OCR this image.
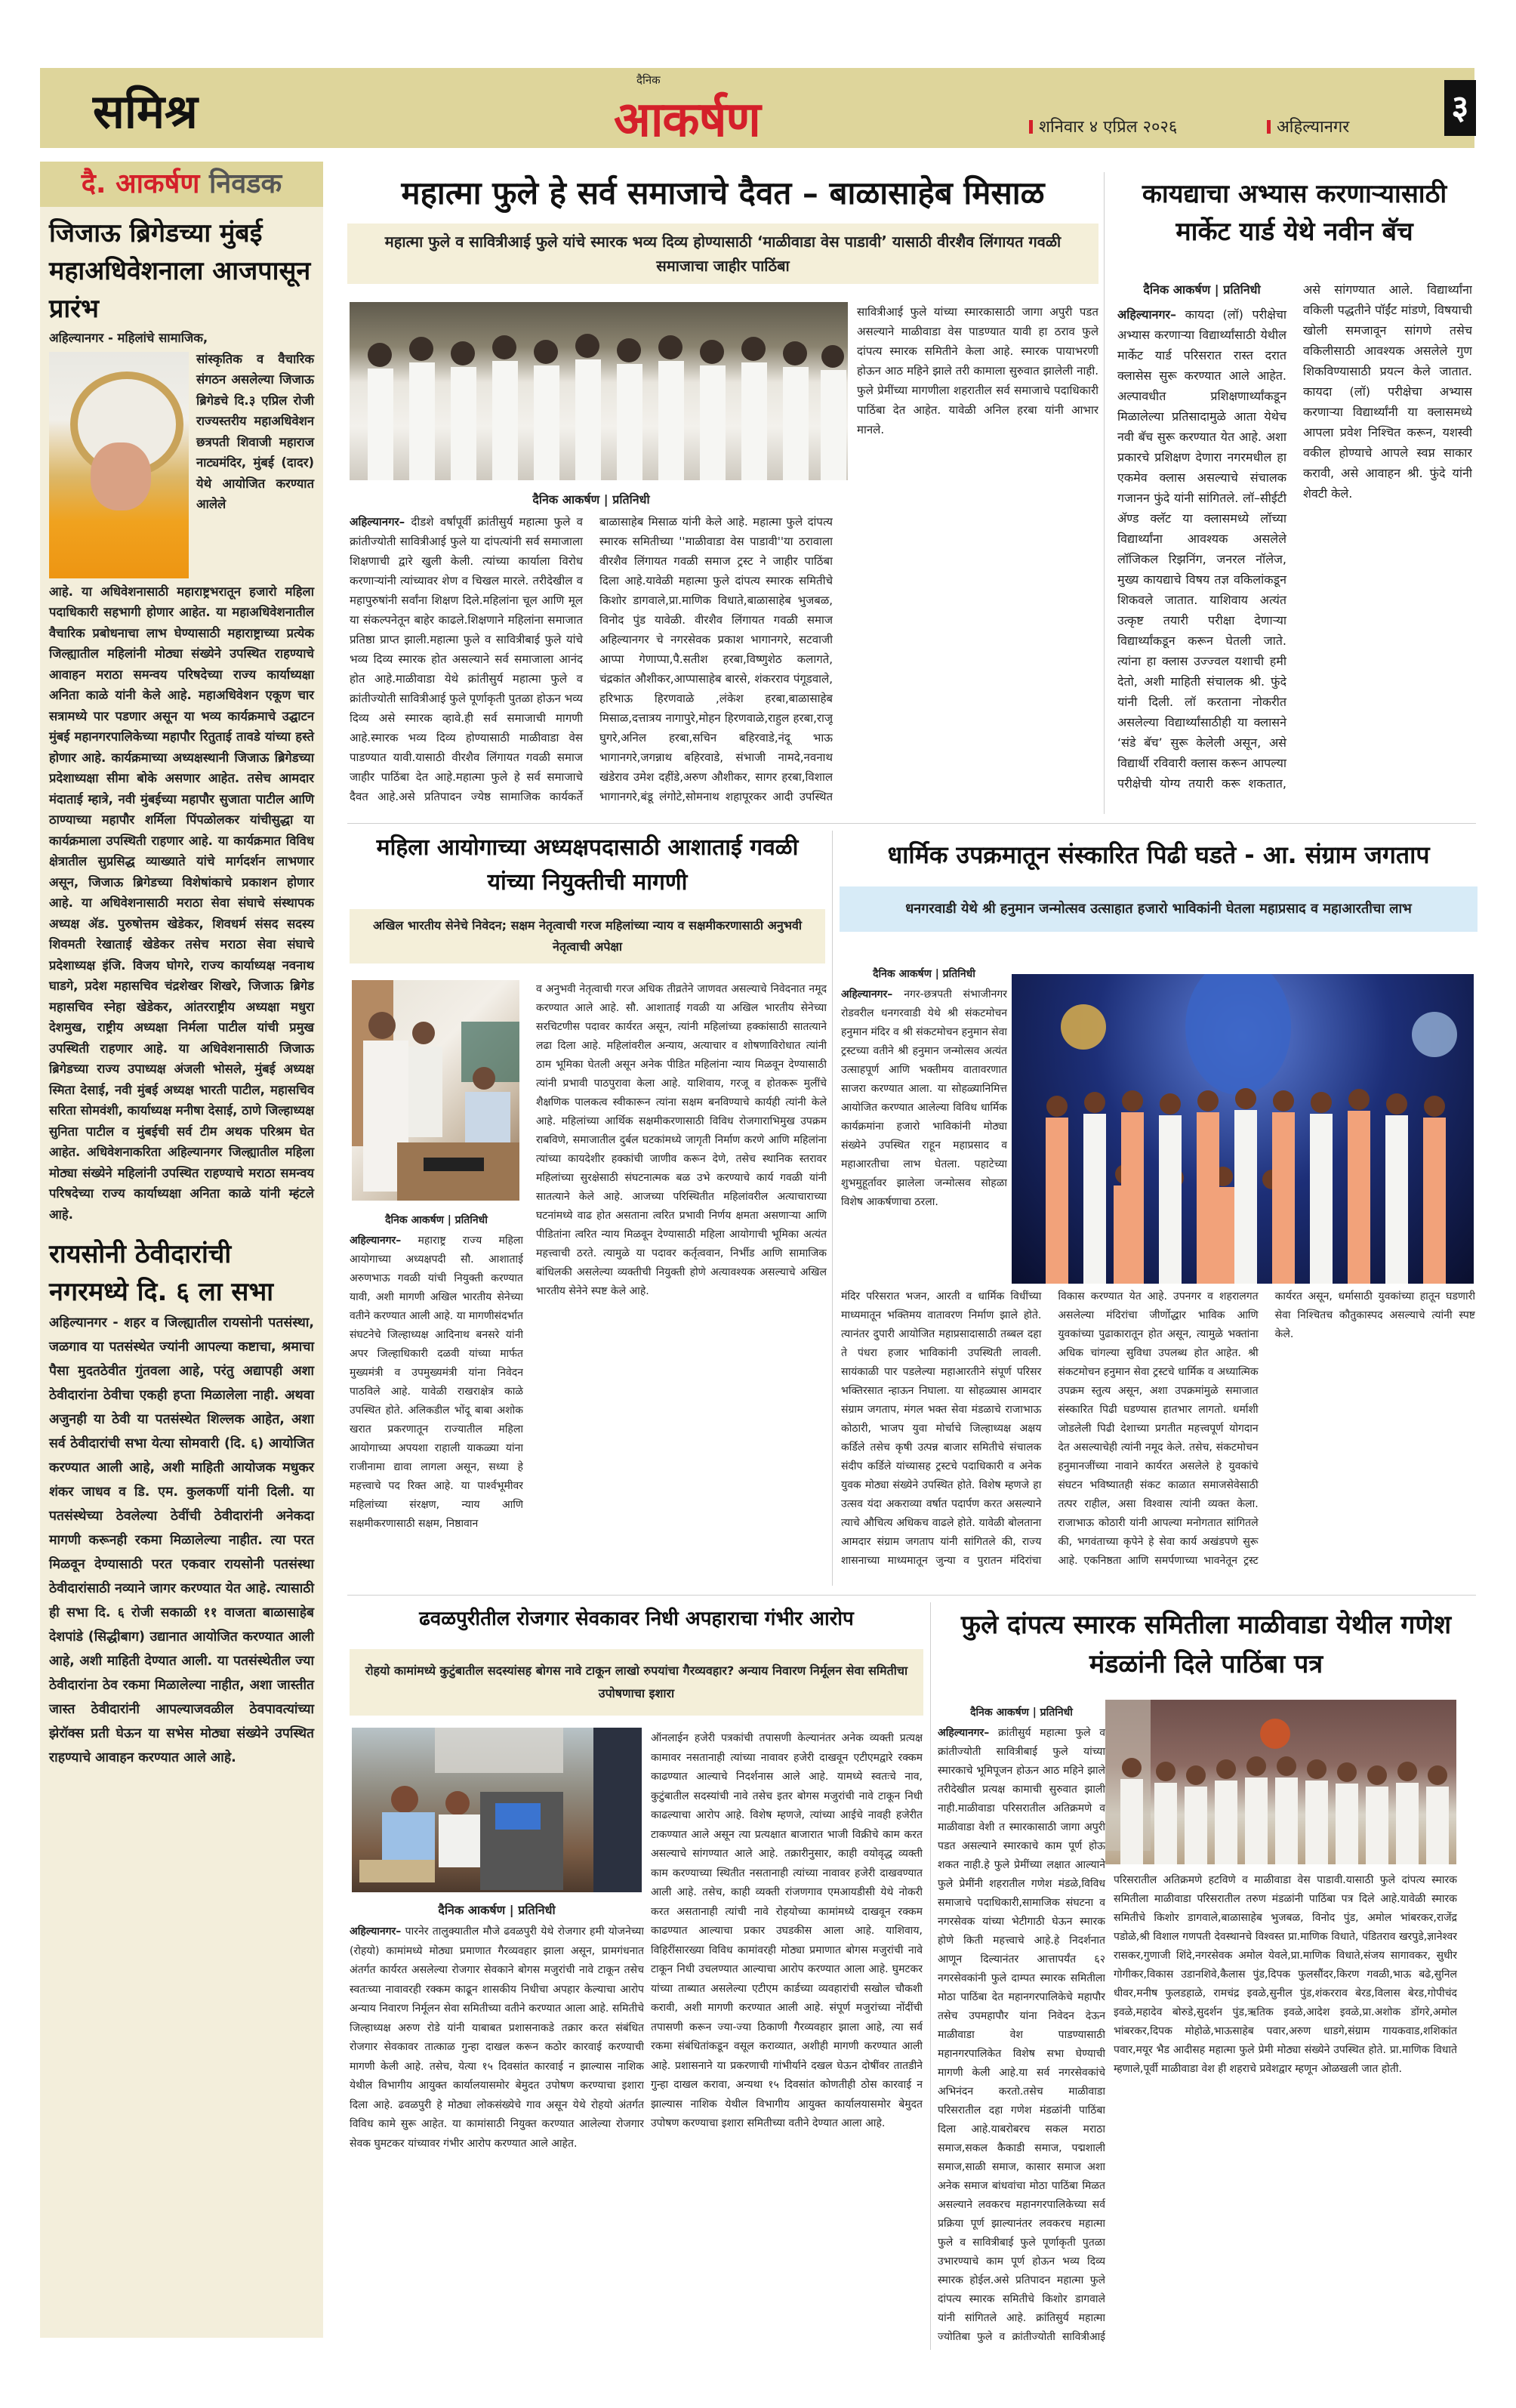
समिश्र
दैनिक
आकर्षण	शनिवार ४ एप्रिल २०२६	अहिल्यानगर
३
दै. आकर्षण निवडक
जिजाऊ ब्रिगेडच्या मुंबई महाअधिवेशनाला आजपासून प्रारंभ
अहिल्यानगर - महिलांचे सामाजिक,
सांस्कृतिक व वैचारिक संगठन असलेल्या जिजाऊ ब्रिगेडचे दि.३ एप्रिल रोजी राज्यस्तरीय महाअधिवेशन छत्रपती शिवाजी महाराज नाट्यमंदिर, मुंबई (दादर) येथे आयोजित करण्यात आलेले
आहे. या अधिवेशनासाठी महाराष्ट्रभरातून हजारो महिला पदाधिकारी सहभागी होणार आहेत. या महाअधिवेशनातील वैचारिक प्रबोधनाचा लाभ घेण्यासाठी महाराष्ट्राच्या प्रत्येक जिल्ह्यातील महिलांनी मोठ्या संख्येने उपस्थित राहण्याचे आवाहन मराठा समन्वय परिषदेच्या राज्य कार्याध्यक्षा अनिता काळे यांनी केले आहे. महाअधिवेशन एकूण चार सत्रामध्ये पार पडणार असून या भव्य कार्यक्रमाचे उद्घाटन मुंबई महानगरपालिकेच्या महापौर रितुताई तावडे यांच्या हस्ते होणार आहे. कार्यक्रमाच्या अध्यक्षस्थानी जिजाऊ ब्रिगेडच्या प्रदेशाध्यक्षा सीमा बोके असणार आहेत. तसेच आमदार मंदाताई म्हात्रे, नवी मुंबईच्या महापौर सुजाता पाटील आणि ठाण्याच्या महापौर शर्मिला पिंपळोलकर यांचीसुद्धा या कार्यक्रमाला उपस्थिती राहणार आहे. या कार्यक्रमात विविध क्षेत्रातील सुप्रसिद्ध व्याख्याते यांचे मार्गदर्शन लाभणार असून, जिजाऊ ब्रिगेडच्या विशेषांकाचे प्रकाशन होणार आहे. या अधिवेशनासाठी मराठा सेवा संघाचे संस्थापक अध्यक्ष ॲड. पुरुषोत्तम खेडेकर, शिवधर्म संसद सदस्य शिवमती रेखाताई खेडेकर तसेच मराठा सेवा संघाचे प्रदेशाध्यक्ष इंजि. विजय घोगरे, राज्य कार्याध्यक्ष नवनाथ घाडगे, प्रदेश महासचिव चंद्रशेखर शिखरे, जिजाऊ ब्रिगेड महासचिव स्नेहा खेडेकर, आंतरराष्ट्रीय अध्यक्षा मधुरा देशमुख, राष्ट्रीय अध्यक्षा निर्मला पाटील यांची प्रमुख उपस्थिती राहणार आहे. या अधिवेशनासाठी जिजाऊ ब्रिगेडच्या राज्य उपाध्यक्ष अंजली भोसले, मुंबई अध्यक्ष स्मिता देसाई, नवी मुंबई अध्यक्ष भारती पाटील, महासचिव सरिता सोमवंशी, कार्याध्यक्ष मनीषा देसाई, ठाणे जिल्हाध्यक्ष सुनिता पाटील व मुंबईची सर्व टीम अथक परिश्रम घेत आहेत. अधिवेशनाकरिता अहिल्यानगर जिल्ह्यातील महिला मोठ्या संख्येने महिलांनी उपस्थित राहण्याचे मराठा समन्वय परिषदेच्या राज्य कार्याध्यक्षा अनिता काळे यांनी म्हंटले आहे.
रायसोनी ठेवीदारांची नगरमध्ये दि. ६ ला सभा
अहिल्यानगर - शहर व जिल्ह्यातील रायसोनी पतसंस्था, जळगाव या पतसंस्थेत ज्यांनी आपल्या कष्टाचा, श्रमाचा पैसा मुदतठेवीत गुंतवला आहे, परंतु अद्यापही अशा ठेवीदारांना ठेवीचा एकही हप्ता मिळालेला नाही. अथवा अजुनही या ठेवी या पतसंस्थेत शिल्लक आहेत, अशा सर्व ठेवीदारांची सभा येत्या सोमवारी (दि. ६) आयोजित करण्यात आली आहे, अशी माहिती आयोजक मधुकर शंकर जाधव व डि. एम. कुलकर्णी यांनी दिली. या पतसंस्थेच्या ठेवलेल्या ठेवींची ठेवीदारांनी अनेकदा मागणी करूनही रकमा मिळालेल्या नाहीत. त्या परत मिळवून देण्यासाठी परत एकवार रायसोनी पतसंस्था ठेवीदारांसाठी नव्याने जागर करण्यात येत आहे. त्यासाठी ही सभा दि. ६ रोजी सकाळी ११ वाजता बाळासाहेब देशपांडे (सिद्धीबाग) उद्यानात आयोजित करण्यात आली आहे, अशी माहिती देण्यात आली. या पतसंस्थेतील ज्या ठेवीदारांना ठेव रकमा मिळालेल्या नाहीत, अशा जास्तीत जास्त ठेवीदारांनी आपल्याजवळील ठेवपावत्यांच्या झेरॉक्स प्रती घेऊन या सभेस मोठ्या संख्येने उपस्थित राहण्याचे आवाहन करण्यात आले आहे.
महात्मा फुले हे सर्व समाजाचे दैवत – बाळासाहेब मिसाळ
महात्मा फुले व सावित्रीआई फुले यांचे स्मारक भव्य दिव्य होण्यासाठी ‘माळीवाडा वेस पाडावी’ यासाठी वीरशैव लिंगायत गवळी समाजाचा जाहीर पाठिंबा
दैनिक आकर्षण | प्रतिनिधी
अहिल्यानगर– दीडशे वर्षांपूर्वी क्रांतीसुर्य महात्मा फुले व क्रांतीज्योती सावित्रीआई फुले या दांपत्यांनी सर्व समाजाला शिक्षणाची द्वारे खुली केली. त्यांच्या कार्याला विरोध करणाऱ्यांनी त्यांच्यावर शेण व चिखल मारले. तरीदेखील व महापुरुषांनी सर्वांना शिक्षण दिले.महिलांना चूल आणि मूल या संकल्पनेतून बाहेर काढले.शिक्षणाने महिलांना समाजात प्रतिष्ठा प्राप्त झाली.महात्मा फुले व सावित्रीबाई फुले यांचे भव्य दिव्य स्मारक होत असल्याने सर्व समाजाला आनंद होत आहे.माळीवाडा येथे क्रांतीसुर्य महात्मा फुले व क्रांतीज्योती सावित्रीआई फुले पूर्णाकृती पुतळा होऊन भव्य दिव्य असे स्मारक व्हावे.ही सर्व समाजाची मागणी आहे.स्मारक भव्य दिव्य होण्यासाठी माळीवाडा वेस पाडण्यात यावी.यासाठी वीरशैव लिंगायत गवळी समाज जाहीर पाठिंबा देत आहे.महात्मा फुले हे सर्व समाजाचे दैवत आहे.असे प्रतिपादन ज्येष्ठ सामाजिक कार्यकर्ते बाळासाहेब मिसाळ यांनी केले आहे. महात्मा फुले दांपत्य स्मारक समितीच्या ''माळीवाडा वेस पाडावी''या ठरावाला वीरशैव लिंगायत गवळी समाज ट्रस्ट ने जाहीर पाठिंबा दिला आहे.यावेळी महात्मा फुले दांपत्य स्मारक समितीचे किशोर डागवाले,प्रा.माणिक विधाते,बाळासाहेब भुजबळ, विनोद पुंड यावेळी. वीरशैव लिंगायत गवळी समाज अहिल्यानगर चे नगरसेवक प्रकाश भागानगरे, सटवाजी आप्पा गेणाप्पा,पै.सतीश हरबा,विष्णुशेठ कलागते, चंद्रकांत औशीकर,आप्पासाहेब बारसे, शंकरराव पंगूडवाले, हरिभाऊ हिरणवाळे ,लंकेश हरबा,बाळासाहेब मिसाळ,दत्तात्रय नागापुरे,मोहन हिरणवाळे,राहुल हरबा,राजू घुगरे,अनिल हरबा,सचिन बहिरवाडे,नंदू भाऊ भागानगरे,जगन्नाथ बहिरवाडे, संभाजी नामदे,नवनाथ खंडेराव उमेश दहींडे,अरुण औशीकर, सागर हरबा,विशाल भागानगरे,बंडू लंगोटे,सोमनाथ शहापूरकर आदी उपस्थित
सावित्रीआई फुले यांच्या स्मारकासाठी जागा अपुरी पडत असल्याने माळीवाडा वेस पाडण्यात यावी हा ठराव फुले दांपत्य स्मारक समितीने केला आहे. स्मारक पायाभरणी होऊन आठ महिने झाले तरी कामाला सुरुवात झालेली नाही. फुले प्रेमींच्या मागणीला शहरातील सर्व समाजाचे पदाधिकारी पाठिंबा देत आहेत. यावेळी अनिल हरबा यांनी आभार मानले.
कायद्याचा अभ्यास करणाऱ्यासाठी मार्केट यार्ड येथे नवीन बॅच
दैनिक आकर्षण | प्रतिनिधी
अहिल्यानगर– कायदा (लॉ) परीक्षेचा अभ्यास करणाऱ्या विद्यार्थ्यांसाठी येथील मार्केट यार्ड परिसरात रास्त दरात क्लासेस सुरू करण्यात आले आहेत. अल्पावधीत प्रशिक्षणार्थ्यांकडून मिळालेल्या प्रतिसादामुळे आता येथेच नवी बॅच सुरू करण्यात येत आहे. अशा प्रकारचे प्रशिक्षण देणारा नगरमधील हा एकमेव क्लास असल्याचे संचालक गजानन फुंदे यांनी सांगितले. लॉ–सीईटी ॲण्ड क्लॅट या क्लासमध्ये लॉच्या विद्यार्थ्यांना आवश्यक असलेले लॉजिकल रिझनिंग, जनरल नॉलेज, मुख्य कायद्याचे विषय तज्ञ वकिलांकडून शिकवले जातात. याशिवाय अत्यंत उत्कृष्ट तयारी परीक्षा देणार्‍या विद्यार्थ्यांकडून करून घेतली जाते. त्यांना हा क्लास उज्ज्वल यशाची हमी देतो, अशी माहिती संचालक श्री. फुंदे यांनी दिली. लॉ करताना नोकरीत असलेल्या विद्यार्थ्यांसाठीही या क्लासने ‘संडे बॅच’ सुरू केलेली असून, असे विद्यार्थी रविवारी क्लास करून आपल्या परीक्षेची योग्य तयारी करू शकतात, असे सांगण्यात आले. विद्यार्थ्यांना वकिली पद्धतीने पॉईंट मांडणे, विषयाची खोली समजावून सांगणे तसेच वकिलीसाठी आवश्यक असलेले गुण शिकविण्यासाठी प्रयत्न केले जातात. कायदा (लॉ) परीक्षेचा अभ्यास करणाऱ्या विद्यार्थ्यांनी या क्लासमध्ये आपला प्रवेश निश्चित करून, यशस्वी वकील होण्याचे आपले स्वप्न साकार करावी, असे आवाहन श्री. फुंदे यांनी शेवटी केले.
महिला आयोगाच्या अध्यक्षपदासाठी आशाताई गवळी यांच्या नियुक्तीची मागणी
अखिल भारतीय सेनेचे निवेदन; सक्षम नेतृत्वाची गरज महिलांच्या न्याय व सक्षमीकरणासाठी अनुभवी नेतृत्वाची अपेक्षा
दैनिक आकर्षण | प्रतिनिधी
अहिल्यानगर– महाराष्ट्र राज्य महिला आयोगाच्या अध्यक्षपदी सौ. आशाताई अरुणभाऊ गवळी यांची नियुक्ती करण्यात यावी, अशी मागणी अखिल भारतीय सेनेच्या वतीने करण्यात आली आहे. या मागणीसंदर्भात संघटनेचे जिल्हाध्यक्ष आदिनाथ बनसरे यांनी अपर जिल्हाधिकारी दळवी यांच्या मार्फत मुख्यमंत्री व उपमुख्यमंत्री यांना निवेदन पाठविले आहे. यावेळी राखराक्षेत्र काळे उपस्थित होते. अलिकडील भोंदू बाबा अशोक खरात प्रकरणातून राज्यातील महिला आयोगाच्या अपयशा राहाली याकळ्या यांना राजीनामा द्यावा लागला असून, सध्या हे महत्त्वाचे पद रिक्त आहे. या पार्श्वभूमीवर महिलांच्या संरक्षण, न्याय आणि सक्षमीकरणासाठी सक्षम, निष्ठावान
व अनुभवी नेतृत्वाची गरज अधिक तीव्रतेने जाणवत असल्याचे निवेदनात नमूद करण्यात आले आहे. सौ. आशाताई गवळी या अखिल भारतीय सेनेच्या सरचिटणीस पदावर कार्यरत असून, त्यांनी महिलांच्या हक्कांसाठी सातत्याने लढा दिला आहे. महिलांवरील अन्याय, अत्याचार व शोषणाविरोधात त्यांनी ठाम भूमिका घेतली असून अनेक पीडित महिलांना न्याय मिळवून देण्यासाठी त्यांनी प्रभावी पाठपुरावा केला आहे. याशिवाय, गरजू व होतकरू मुलींचे शैक्षणिक पालकत्व स्वीकारून त्यांना सक्षम बनविण्याचे कार्यही त्यांनी केले आहे. महिलांच्या आर्थिक सक्षमीकरणासाठी विविध रोजगाराभिमुख उपक्रम राबविणे, समाजातील दुर्बल घटकांमध्ये जागृती निर्माण करणे आणि महिलांना त्यांच्या कायदेशीर हक्कांची जाणीव करून देणे, तसेच स्थानिक स्तरावर महिलांच्या सुरक्षेसाठी संघटनात्मक बळ उभे करण्याचे कार्य गवळी यांनी सातत्याने केले आहे. आजच्या परिस्थितीत महिलांवरील अत्याचाराच्या घटनांमध्ये वाढ होत असताना त्वरित प्रभावी निर्णय क्षमता असणाऱ्या आणि पीडितांना त्वरित न्याय मिळवून देण्यासाठी महिला आयोगाची भूमिका अत्यंत महत्त्वाची ठरते. त्यामुळे या पदावर कर्तृत्ववान, निर्भीड आणि सामाजिक बांधिलकी असलेल्या व्यक्तीची नियुक्ती होणे अत्यावश्यक असल्याचे अखिल भारतीय सेनेने स्पष्ट केले आहे.
धार्मिक उपक्रमातून संस्कारित पिढी घडते - आ. संग्राम जगताप
धनगरवाडी येथे श्री हनुमान जन्मोत्सव उत्साहात हजारो भाविकांनी घेतला महाप्रसाद व महाआरतीचा लाभ
दैनिक आकर्षण | प्रतिनिधी
अहिल्यानगर– नगर-छत्रपती संभाजीनगर रोडवरील धनगरवाडी येथे श्री संकटमोचन हनुमान मंदिर व श्री संकटमोचन हनुमान सेवा ट्रस्टच्या वतीने श्री हनुमान जन्मोत्सव अत्यंत उत्साहपूर्ण आणि भक्तीमय वातावरणात साजरा करण्यात आला. या सोहळ्यानिमित्त आयोजित करण्यात आलेल्या विविध धार्मिक कार्यक्रमांना हजारो भाविकांनी मोठ्या संख्येने उपस्थित राहून महाप्रसाद व महाआरतीचा लाभ घेतला. पहाटेच्या शुभमुहूर्तावर झालेला जन्मोत्सव सोहळा विशेष आकर्षणाचा ठरला.
मंदिर परिसरात भजन, आरती व धार्मिक विधींच्या माध्यमातून भक्तिमय वातावरण निर्माण झाले होते. त्यानंतर दुपारी आयोजित महाप्रसादासाठी तब्बल दहा ते पंधरा हजार भाविकांनी उपस्थिती लावली. सायंकाळी पार पडलेल्या महाआरतीने संपूर्ण परिसर भक्तिरसात न्हाऊन निघाला. या सोहळ्यास आमदार संग्राम जगताप, मंगल भक्त सेवा मंडळाचे राजाभाऊ कोठारी, भाजप युवा मोर्चाचे जिल्हाध्यक्ष अक्षय कर्डिले तसेच कृषी उत्पन्न बाजार समितीचे संचालक संदीप कर्डिले यांच्यासह ट्रस्टचे पदाधिकारी व अनेक युवक मोठ्या संख्येने उपस्थित होते. विशेष म्हणजे हा उत्सव यंदा अकराव्या वर्षात पदार्पण करत असल्याने त्याचे औचित्य अधिकच वाढले होते. यावेळी बोलताना आमदार संग्राम जगताप यांनी सांगितले की, राज्य शासनाच्या माध्यमातून जुन्या व पुरातन मंदिरांचा विकास करण्यात येत आहे. उपनगर व शहरालगत असलेल्या मंदिरांचा जीर्णोद्धार भाविक आणि युवकांच्या पुढाकारातून होत असून, त्यामुळे भक्तांना अधिक चांगल्या सुविधा उपलब्ध होत आहेत. श्री संकटमोचन हनुमान सेवा ट्रस्टचे धार्मिक व अध्यात्मिक उपक्रम स्तुत्य असून, अशा उपक्रमांमुळे समाजात संस्कारित पिढी घडण्यास हातभार लागतो. धर्माशी जोडलेली पिढी देशाच्या प्रगतीत महत्त्वपूर्ण योगदान देत असल्याचेही त्यांनी नमूद केले. तसेच, संकटमोचन हनुमानजींच्या नावाने कार्यरत असलेले हे युवकांचे संघटन भविष्यातही संकट काळात समाजसेवेसाठी तत्पर राहील, असा विश्वास त्यांनी व्यक्त केला. राजाभाऊ कोठारी यांनी आपल्या मनोगतात सांगितले की, भगवंताच्या कृपेने हे सेवा कार्य अखंडपणे सुरू आहे. एकनिष्ठता आणि समर्पणाच्या भावनेतून ट्रस्ट कार्यरत असून, धर्मासाठी युवकांच्या हातून घडणारी सेवा निश्चितच कौतुकास्पद असल्याचे त्यांनी स्पष्ट केले.
ढवळपुरीतील रोजगार सेवकावर निधी अपहाराचा गंभीर आरोप
रोहयो कामांमध्ये कुटुंबातील सदस्यांसह बोगस नावे टाकून लाखो रुपयांचा गैरव्यवहार? अन्याय निवारण निर्मूलन सेवा समितीचा उपोषणाचा इशारा
दैनिक आकर्षण | प्रतिनिधी
अहिल्यानगर– पारनेर तालुक्यातील मौजे ढवळपुरी येथे रोजगार हमी योजनेच्या (रोहयो) कामांमध्ये मोठ्या प्रमाणात गैरव्यवहार झाला असून, प्रामगंधनात अंतर्गत कार्यरत असलेल्या रोजगार सेवकाने बोगस मजुरांची नावे टाकून तसेच स्वतःच्या नावावरही रक्कम काढून शासकीय निधीचा अपहार केल्याचा आरोप अन्याय निवारण निर्मूलन सेवा समितीच्या वतीने करण्यात आला आहे. समितीचे जिल्हाध्यक्ष अरुण रोडे यांनी याबाबत प्रशासनाकडे तक्रार करत संबंधित रोजगार सेवकावर तात्काळ गुन्हा दाखल करून कठोर कारवाई करण्याची मागणी केली आहे. तसेच, येत्या १५ दिवसांत कारवाई न झाल्यास नाशिक येथील विभागीय आयुक्त कार्यालयासमोर बेमुदत उपोषण करण्याचा इशारा दिला आहे. ढवळपुरी हे मोठ्या लोकसंख्येचे गाव असून येथे रोहयो अंतर्गत विविध कामे सुरू आहेत. या कामांसाठी नियुक्त करण्यात आलेल्या रोजगार सेवक घुमटकर यांच्यावर गंभीर आरोप करण्यात आले आहेत.
ऑनलाईन हजेरी पत्रकांची तपासणी केल्यानंतर अनेक व्यक्ती प्रत्यक्ष कामावर नसतानाही त्यांच्या नावावर हजेरी दाखवून एटीएमद्वारे रक्कम काढण्यात आल्याचे निदर्शनास आले आहे. यामध्ये स्वतःचे नाव, कुटुंबातील सदस्यांची नावे तसेच इतर बोगस मजुरांची नावे टाकून निधी काढल्याचा आरोप आहे. विशेष म्हणजे, त्यांच्या आईचे नावही हजेरीत टाकण्यात आले असून त्या प्रत्यक्षात बाजारात भाजी विक्रीचे काम करत असल्याचे सांगण्यात आले आहे. तक्रारीनुसार, काही वयोवृद्ध व्यक्ती काम करण्याच्या स्थितीत नसतानाही त्यांच्या नावावर हजेरी दाखवण्यात आली आहे. तसेच, काही व्यक्ती रांजणगाव एमआयडीसी येथे नोकरी करत असतानाही त्यांची नावे रोहयोच्या कामांमध्ये दाखवून रक्कम काढण्यात आल्याचा प्रकार उघडकीस आला आहे. याशिवाय, विहिरींसारख्या विविध कामांवरही मोठ्या प्रमाणात बोगस मजुरांची नावे टाकून निधी उचलण्यात आल्याचा आरोप करण्यात आला आहे. घुमटकर यांच्या ताब्यात असलेल्या एटीएम कार्डच्या व्यवहारांची सखोल चौकशी करावी, अशी मागणी करण्यात आली आहे. संपूर्ण मजुरांच्या नोंदींची तपासणी करून ज्या-ज्या ठिकाणी गैरव्यवहार झाला आहे, त्या सर्व रकमा संबंधितांकडून वसूल कराव्यात, अशीही मागणी करण्यात आली आहे. प्रशासनाने या प्रकरणाची गांभीर्याने दखल घेऊन दोषींवर तातडीने गुन्हा दाखल करावा, अन्यथा १५ दिवसांत कोणतीही ठोस कारवाई न झाल्यास नाशिक येथील विभागीय आयुक्त कार्यालयासमोर बेमुदत उपोषण करण्याचा इशारा समितीच्या वतीने देण्यात आला आहे.
फुले दांपत्य स्मारक समितीला माळीवाडा येथील गणेश मंडळांनी दिले पाठिंबा पत्र
दैनिक आकर्षण | प्रतिनिधी
अहिल्यानगर– क्रांतीसुर्य महात्मा फुले व क्रांतीज्योती सावित्रीबाई फुले यांच्या स्मारकाचे भूमिपूजन होऊन आठ महिने झाले तरीदेखील प्रत्यक्ष कामाची सुरुवात झाली नाही.माळीवाडा परिसरातील अतिक्रमणे व माळीवाडा वेशी त स्मारकासाठी जागा अपुरी पडत असल्याने स्मारकाचे काम पूर्ण होऊ शकत नाही.हे फुले प्रेमींच्या लक्षात आल्याने फुले प्रेमींनी शहरातील गणेश मंडळे,विविध समाजाचे पदाधिकारी,सामाजिक संघटना व नगरसेवक यांच्या भेटीगाठी घेऊन स्मारक होणे किती महत्त्वाचे आहे.हे निदर्शनात आणून दिल्यानंतर आत्तापर्यंत ६२ नगरसेवकांनी फुले दाम्पत स्मारक समितीला मोठा पाठिंबा देत महानगरपालिकेचे महापौर तसेच उपमहापौर यांना निवेदन देऊन माळीवाडा वेश पाडण्यासाठी महानगरपालिकेत विशेष सभा घेण्याची मागणी केली आहे.या सर्व नगरसेवकांचे अभिनंदन करतो.तसेच माळीवाडा परिसरातील दहा गणेश मंडळांनी पाठिंबा दिला आहे.याबरोबरच सकल मराठा समाज,सकल कैकाडी समाज, पद्मशाली समाज,साळी समाज, कासार समाज अशा अनेक समाज बांधवांचा मोठा पाठिंबा मिळत असल्याने लवकरच महानगरपालिकेच्या सर्व प्रक्रिया पूर्ण झाल्यानंतर लवकरच महात्मा फुले व सावित्रीबाई फुले पूर्णाकृती पुतळा उभारण्याचे काम पूर्ण होऊन भव्य दिव्य स्मारक होईल.असे प्रतिपादन महात्मा फुले दांपत्य स्मारक समितीचे किशोर डागवाले यांनी सांगितले आहे. क्रांतिसुर्य महात्मा ज्योतिबा फुले व क्रांतीज्योती सावित्रीआई
परिसरातील अतिक्रमणे हटविणे व माळीवाडा वेस पाडावी.यासाठी फुले दांपत्य स्मारक समितीला माळीवाडा परिसरातील तरुण मंडळांनी पाठिंबा पत्र दिले आहे.यावेळी स्मारक समितीचे किशोर डागवाले,बाळासाहेब भुजबळ, विनोद पुंड, अमोल भांबरकर,राजेंद्र पडोळे,श्री विशाल गणपती देवस्थानचे विश्वस्त प्रा.माणिक विधाते, पंडितराव खरपुडे,ज्ञानेश्वर रासकर,गुणाजी शिंदे,नगरसेवक अमोल येवले,प्रा.माणिक विधाते,संजय सागावकर, सुधीर गोगीकर,विकास उडानशिवे,कैलास पुंड,दिपक फुलसौंदर,किरण गवळी,भाऊ बढे,सुनिल धीवर,मनीष फुलडहाळे, रामचंद्र इवळे,सुनील पुंड,शंकरराव बेरड,विलास बेरड,गोपीचंद इवळे,महादेव बोरुडे,सुदर्शन पुंड,ऋतिक इवळे,आदेश इवळे,प्रा.अशोक डोंगरे,अमोल भांबरकर,दिपक मोहोळे,भाऊसाहेब पवार,अरुण धाडगे,संग्राम गायकवाड,शशिकांत पवार,मयूर भैड आदीसह महात्मा फुले प्रेमी मोठ्या संख्येने उपस्थित होते. प्रा.माणिक विधाते म्हणाले,पूर्वी माळीवाडा वेश ही शहराचे प्रवेशद्वार म्हणून ओळखली जात होती.
